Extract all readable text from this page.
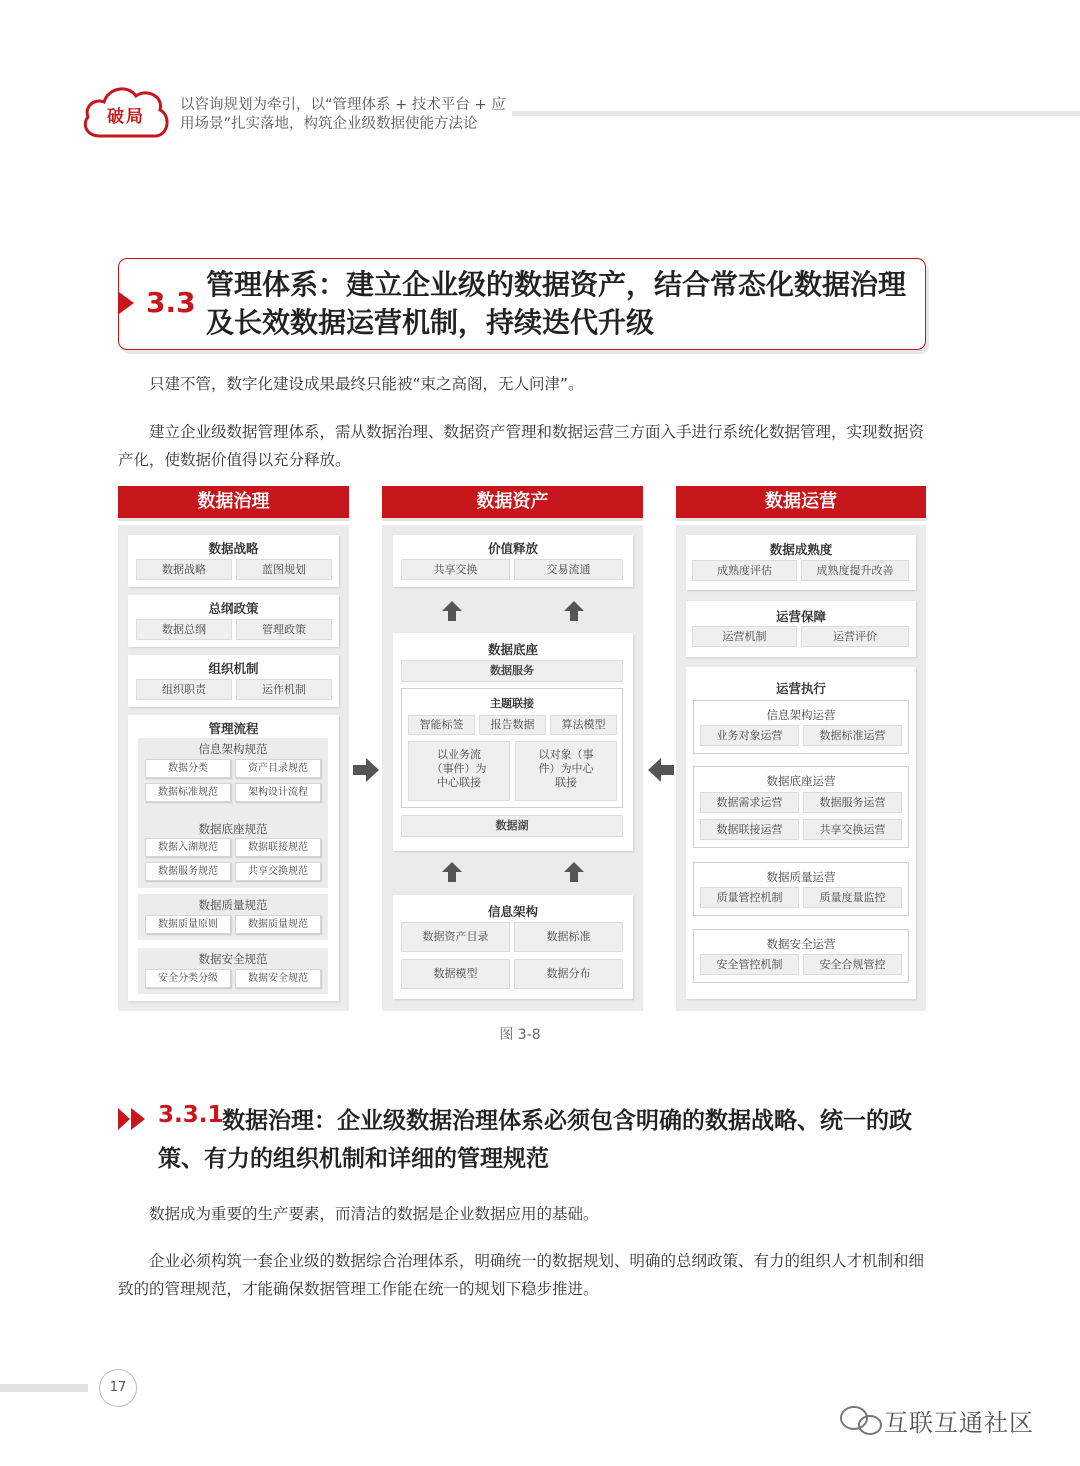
破局
以咨询规划为牵引，以“管理体系 + 技术平台 + 应用场景”扎实落地，构筑企业级数据使能方法论
3.3
管理体系：建立企业级的数据资产，结合常态化数据治理及长效数据运营机制，持续迭代升级
只建不管，数字化建设成果最终只能被“束之高阁，无人问津”。
建立企业级数据管理体系，需从数据治理、数据资产管理和数据运营三方面入手进行系统化数据管理，实现数据资产化，使数据价值得以充分释放。
数据治理
数据战略
数据战略	蓝图规划
总纲政策
数据总纲	管理政策
组织机制
组织职责	运作机制
管理流程
信息架构规范
数据分类	资产目录规范
数据标准规范	架构设计流程
数据底座规范
数据入湖规范	数据联接规范
数据服务规范	共享交换规范
数据质量规范
数据质量原则	数据质量规范
数据安全规范
安全分类分级	数据安全规范
数据资产
价值释放
共享交换	交易流通
数据底座
数据服务
主题联接
智能标签	报告数据	算法模型
以业务流（事件）为中心联接
以对象（事件）为中心联接
数据湖
信息架构
数据资产目录	数据标准
数据模型	数据分布
数据运营
数据成熟度
成熟度评估	成熟度提升改善
运营保障
运营机制	运营评价
运营执行
信息架构运营
业务对象运营	数据标准运营
数据底座运营
数据需求运营	数据服务运营
数据联接运营	共享交换运营
数据质量运营
质量管控机制	质量度量监控
数据安全运营
安全管控机制	安全合规管控
图 3-8
3.3.1
数据治理：企业级数据治理体系必须包含明确的数据战略、统一的政策、有力的组织机制和详细的管理规范
数据成为重要的生产要素，而清洁的数据是企业数据应用的基础。
企业必须构筑一套企业级的数据综合治理体系，明确统一的数据规划、明确的总纲政策、有力的组织人才机制和细致的的管理规范，才能确保数据管理工作能在统一的规划下稳步推进。
17
互联互通社区
